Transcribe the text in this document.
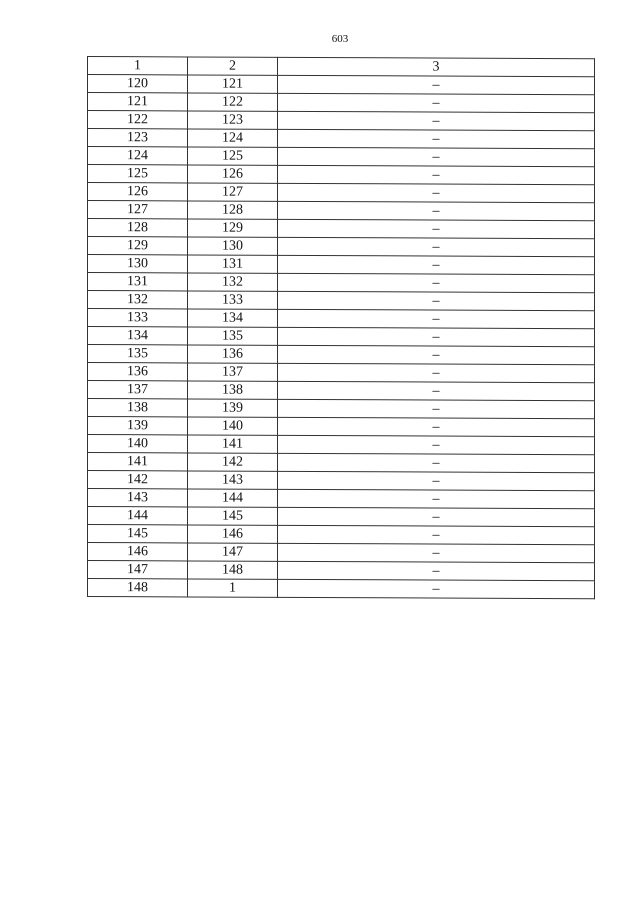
603
1	2	3
120	121	–
121	122	–
122	123	–
123	124	–
124	125	–
125	126	–
126	127	–
127	128	–
128	129	–
129	130	–
130	131	–
131	132	–
132	133	–
133	134	–
134	135	–
135	136	–
136	137	–
137	138	–
138	139	–
139	140	–
140	141	–
141	142	–
142	143	–
143	144	–
144	145	–
145	146	–
146	147	–
147	148	–
148	1	–
